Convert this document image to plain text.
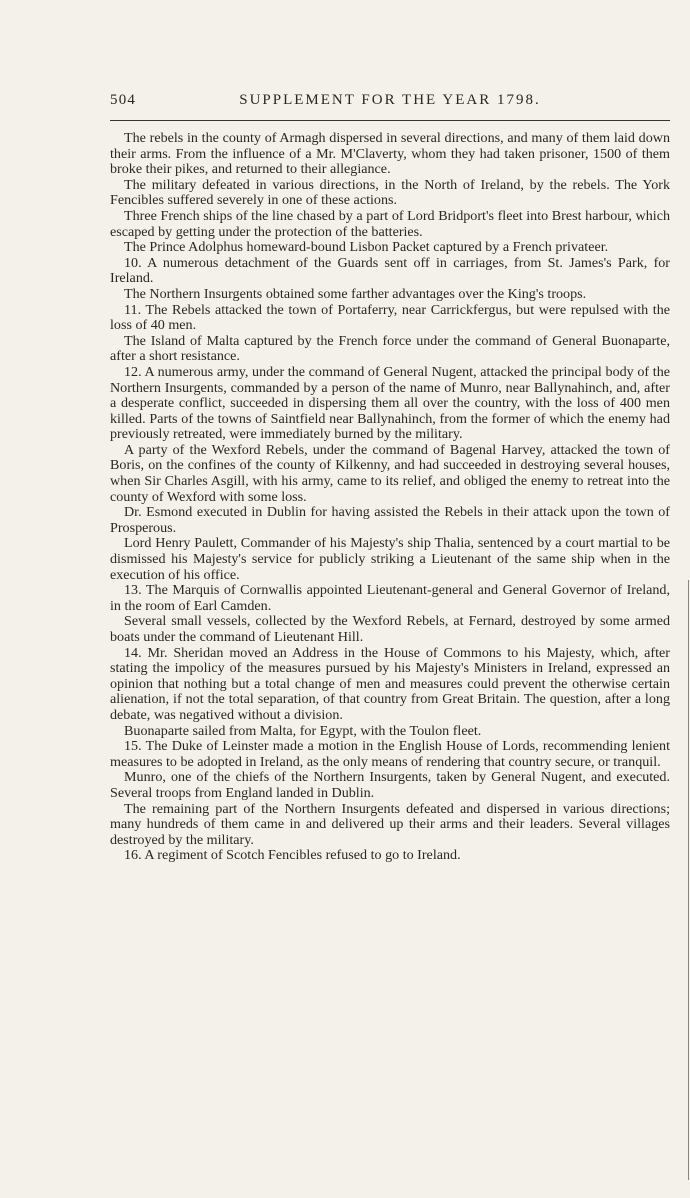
504	SUPPLEMENT FOR THE YEAR 1798.

The rebels in the county of Armagh dispersed in several directions, and many of them laid down their arms. From the influence of a Mr. M'Claverty, whom they had taken prisoner, 1500 of them broke their pikes, and returned to their allegiance.

The military defeated in various directions, in the North of Ireland, by the rebels. The York Fencibles suffered severely in one of these actions.

Three French ships of the line chased by a part of Lord Bridport's fleet into Brest harbour, which escaped by getting under the protection of the batteries.

The Prince Adolphus homeward-bound Lisbon Packet captured by a French privateer.

10. A numerous detachment of the Guards sent off in carriages, from St. James's Park, for Ireland.

The Northern Insurgents obtained some farther advantages over the King's troops.

11. The Rebels attacked the town of Portaferry, near Carrickfergus, but were repulsed with the loss of 40 men.

The Island of Malta captured by the French force under the command of General Buonaparte, after a short resistance.

12. A numerous army, under the command of General Nugent, attacked the principal body of the Northern Insurgents, commanded by a person of the name of Munro, near Ballynahinch, and, after a desperate conflict, succeeded in dispersing them all over the country, with the loss of 400 men killed. Parts of the towns of Saintfield near Ballynahinch, from the former of which the enemy had previously retreated, were immediately burned by the military.

A party of the Wexford Rebels, under the command of Bagenal Harvey, attacked the town of Boris, on the confines of the county of Kilkenny, and had succeeded in destroying several houses, when Sir Charles Asgill, with his army, came to its relief, and obliged the enemy to retreat into the county of Wexford with some loss.

Dr. Esmond executed in Dublin for having assisted the Rebels in their attack upon the town of Prosperous.

Lord Henry Paulett, Commander of his Majesty's ship Thalia, sentenced by a court martial to be dismissed his Majesty's service for publicly striking a Lieutenant of the same ship when in the execution of his office.

13. The Marquis of Cornwallis appointed Lieutenant-general and General Governor of Ireland, in the room of Earl Camden.

Several small vessels, collected by the Wexford Rebels, at Fernard, destroyed by some armed boats under the command of Lieutenant Hill.

14. Mr. Sheridan moved an Address in the House of Commons to his Majesty, which, after stating the impolicy of the measures pursued by his Majesty's Ministers in Ireland, expressed an opinion that nothing but a total change of men and measures could prevent the otherwise certain alienation, if not the total separation, of that country from Great Britain. The question, after a long debate, was negatived without a division.

Buonaparte sailed from Malta, for Egypt, with the Toulon fleet.

15. The Duke of Leinster made a motion in the English House of Lords, recommending lenient measures to be adopted in Ireland, as the only means of rendering that country secure, or tranquil.

Munro, one of the chiefs of the Northern Insurgents, taken by General Nugent, and executed. Several troops from England landed in Dublin.

The remaining part of the Northern Insurgents defeated and dispersed in various directions; many hundreds of them came in and delivered up their arms and their leaders. Several villages destroyed by the military.

16. A regiment of Scotch Fencibles refused to go to Ireland.
